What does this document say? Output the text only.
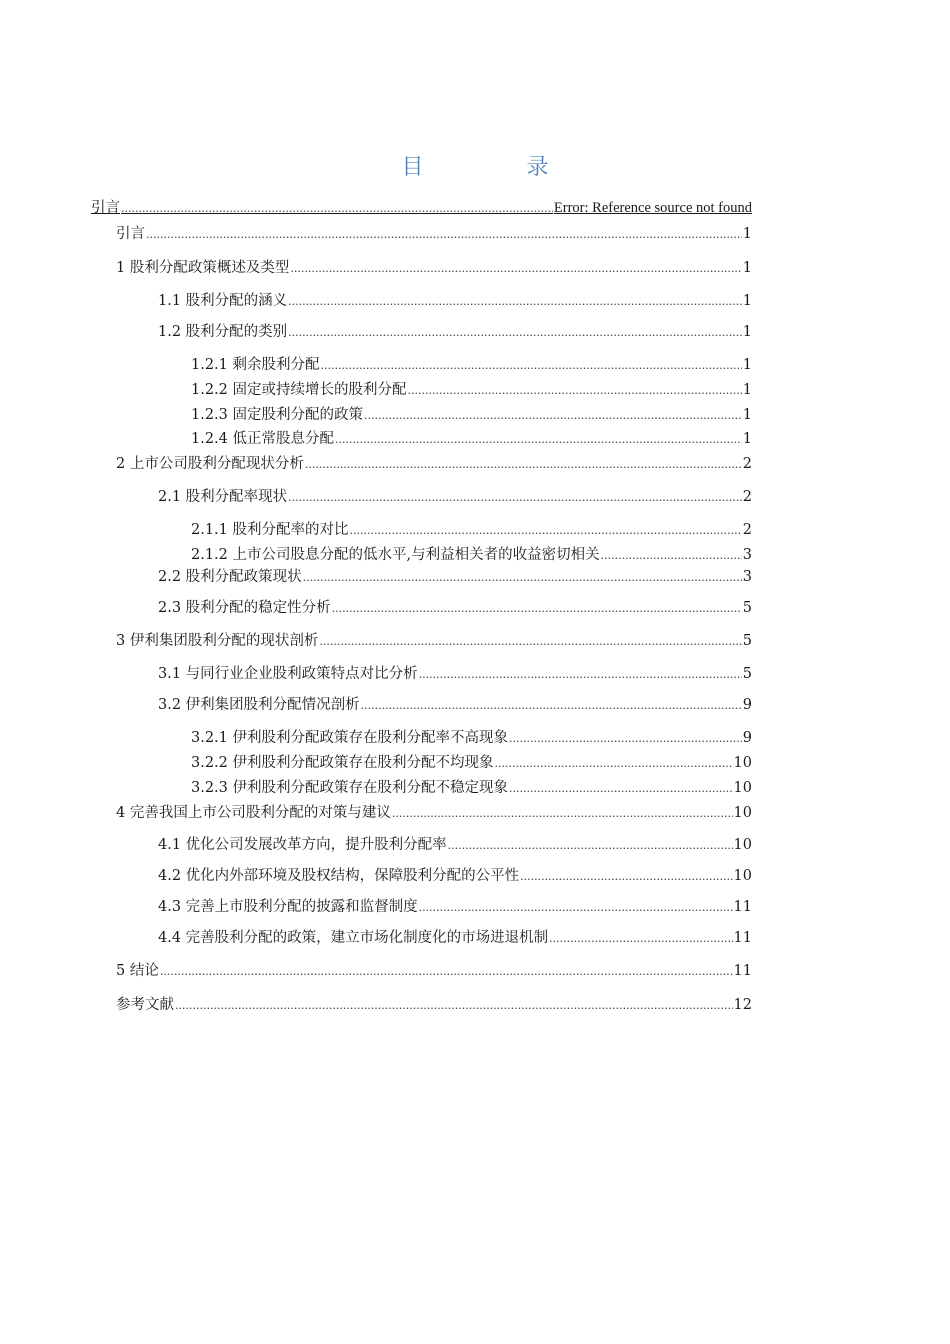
目 录
引言 .....	Error: Reference source not found
引言 .....	1
1 股利分配政策概述及类型 .....	1
1.1 股利分配的涵义 .....	1
1.2 股利分配的类别 .....	1
1.2.1 剩余股利分配 .....	1
1.2.2 固定或持续增长的股利分配 .....	1
1.2.3 固定股利分配的政策 .....	1
1.2.4 低正常股息分配 .....	1
2 上市公司股利分配现状分析 .....	2
2.1 股利分配率现状 .....	2
2.1.1 股利分配率的对比 .....	2
2.1.2 上市公司股息分配的低水平,与利益相关者的收益密切相关 .....	3
2.2 股利分配政策现状 .....	3
2.3 股利分配的稳定性分析 .....	5
3 伊利集团股利分配的现状剖析 .....	5
3.1 与同行业企业股利政策特点对比分析 .....	5
3.2 伊利集团股利分配情况剖析 .....	9
3.2.1 伊利股利分配政策存在股利分配率不高现象 .....	9
3.2.2 伊利股利分配政策存在股利分配不均现象 .....	10
3.2.3 伊利股利分配政策存在股利分配不稳定现象 .....	10
4 完善我国上市公司股利分配的对策与建议 .....	10
4.1 优化公司发展改革方向，提升股利分配率 .....	10
4.2 优化内外部环境及股权结构，保障股利分配的公平性 .....	10
4.3 完善上市股利分配的披露和监督制度 .....	11
4.4 完善股利分配的政策，建立市场化制度化的市场进退机制 .....	11
5 结论 .....	11
参考文献 .....	12
